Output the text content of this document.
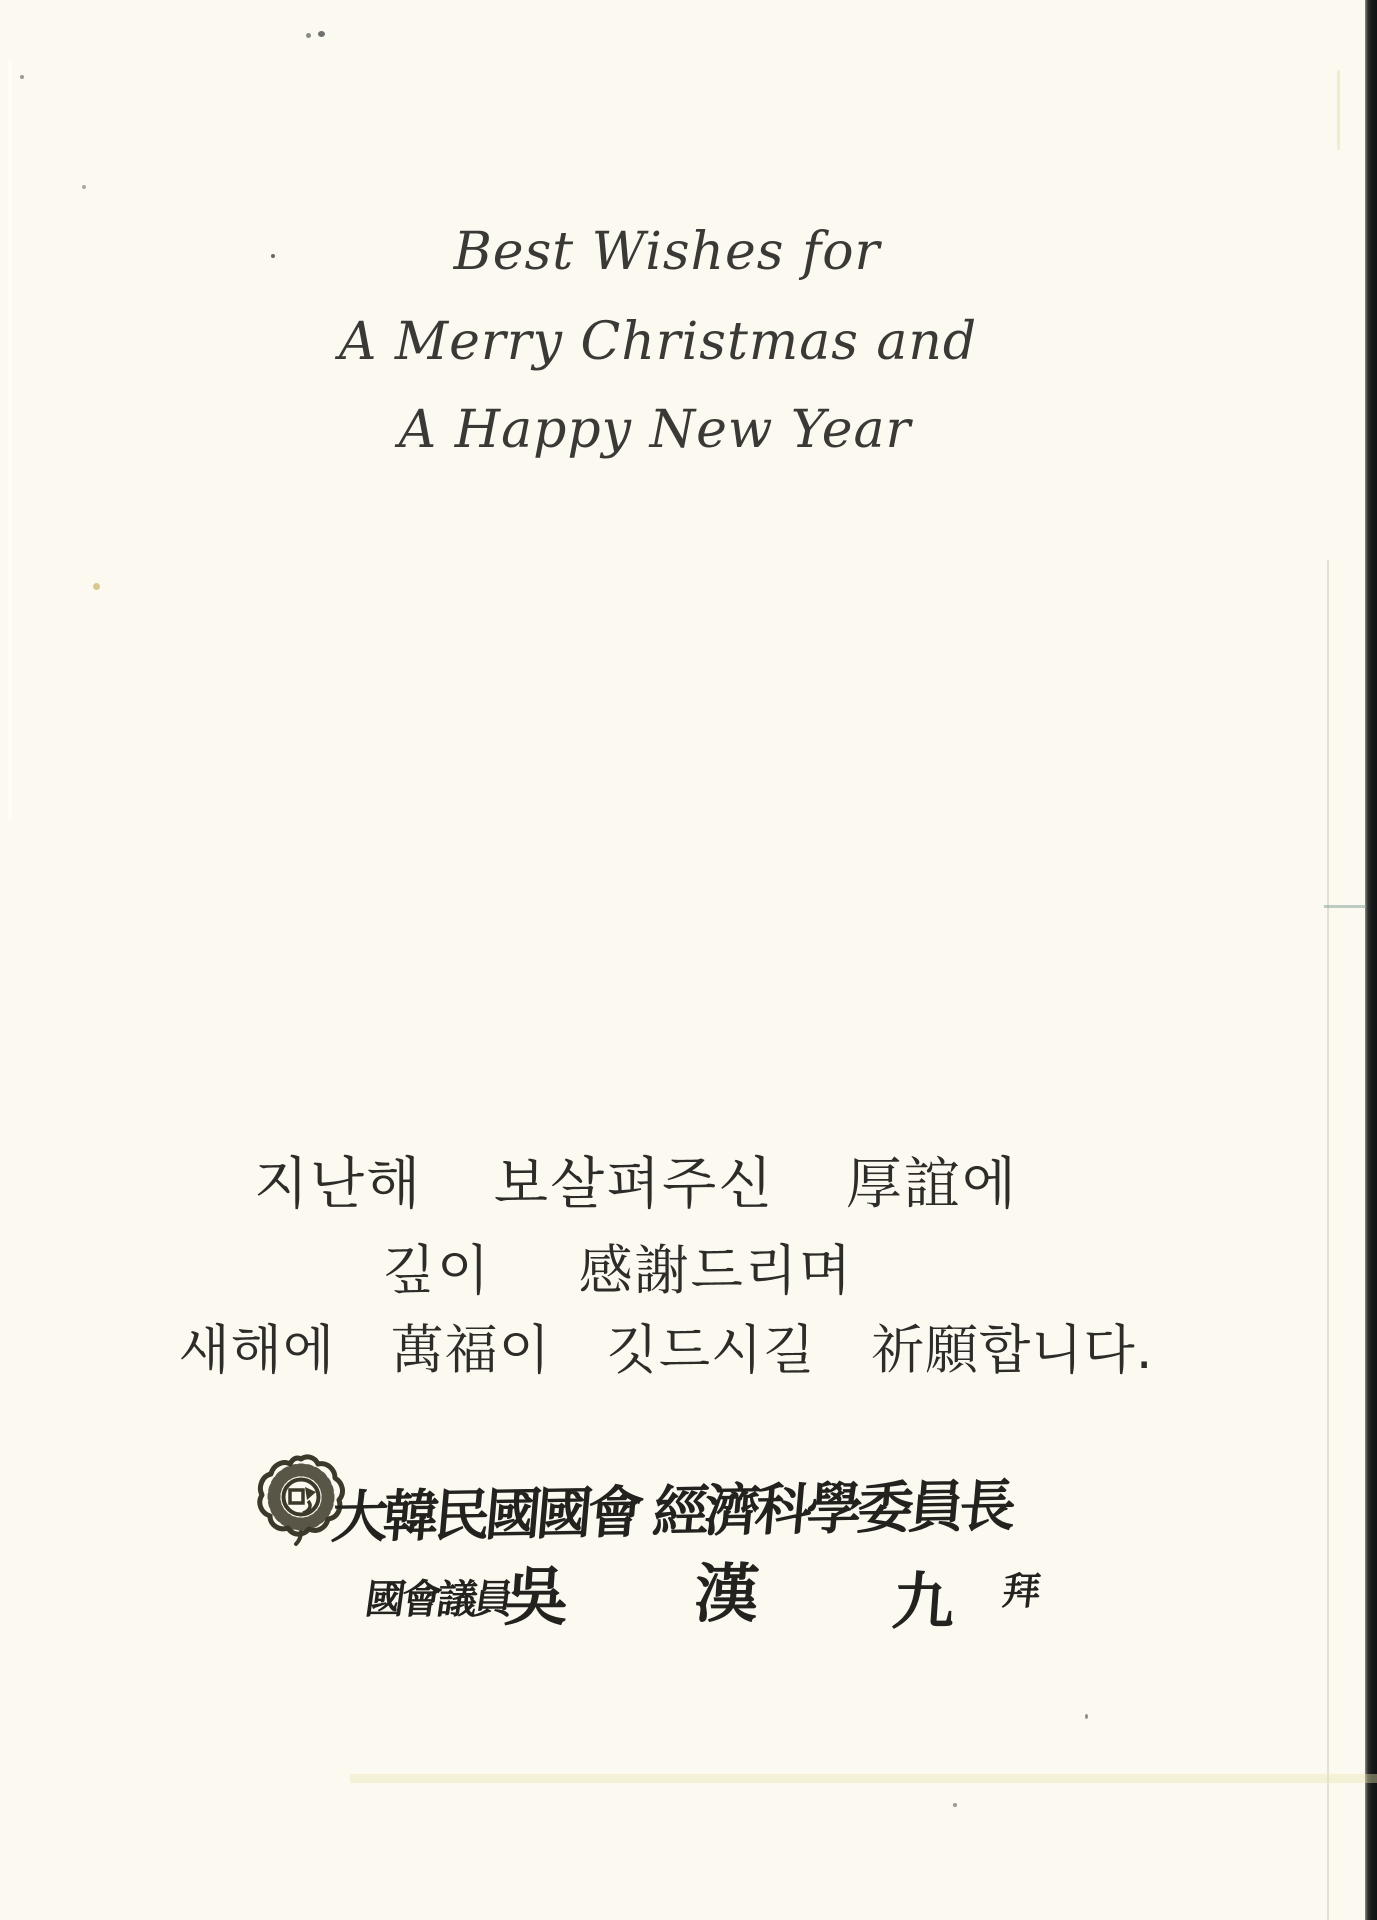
Best Wishes for
A Merry Christmas and
A Happy New Year
지난해  보살펴주신  厚誼에
깊이   感謝드리며
새해에  萬福이  깃드시길  祈願합니다.
大韓民國國會 經濟科學委員長
國會議員
吳 漢 九 拜
